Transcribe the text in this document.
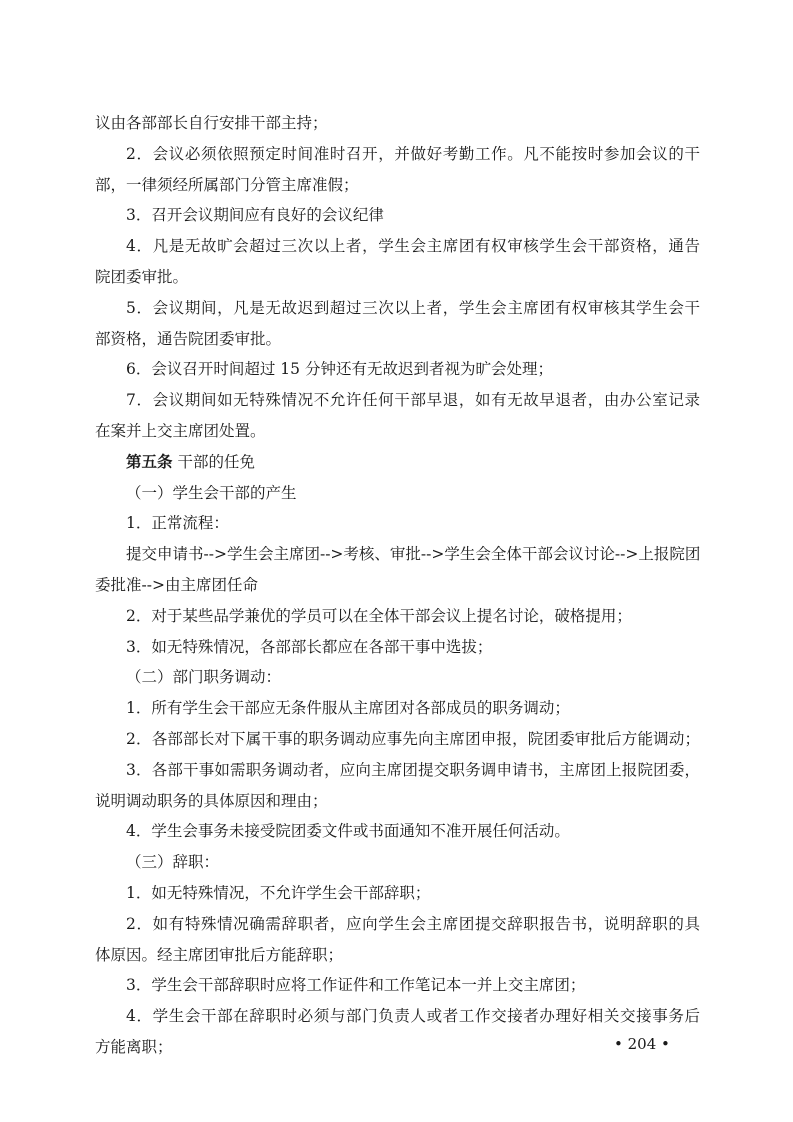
议由各部部长自行安排干部主持；
2．会议必须依照预定时间准时召开，并做好考勤工作。凡不能按时参加会议的干
部，一律须经所属部门分管主席准假；
3．召开会议期间应有良好的会议纪律
4．凡是无故旷会超过三次以上者，学生会主席团有权审核学生会干部资格，通告
院团委审批。
5．会议期间，凡是无故迟到超过三次以上者，学生会主席团有权审核其学生会干
部资格，通告院团委审批。
6．会议召开时间超过 15 分钟还有无故迟到者视为旷会处理；
7．会议期间如无特殊情况不允许任何干部早退，如有无故早退者，由办公室记录
在案并上交主席团处置。
第五条 干部的任免
（一）学生会干部的产生
1．正常流程：
提交申请书-->学生会主席团-->考核、审批-->学生会全体干部会议讨论-->上报院团
委批准-->由主席团任命
2．对于某些品学兼优的学员可以在全体干部会议上提名讨论，破格提用；
3．如无特殊情况，各部部长都应在各部干事中选拔；
（二）部门职务调动：
1．所有学生会干部应无条件服从主席团对各部成员的职务调动；
2．各部部长对下属干事的职务调动应事先向主席团申报，院团委审批后方能调动；
3．各部干事如需职务调动者，应向主席团提交职务调申请书，主席团上报院团委，
说明调动职务的具体原因和理由；
4．学生会事务未接受院团委文件或书面通知不准开展任何活动。
（三）辞职：
1．如无特殊情况，不允许学生会干部辞职；
2．如有特殊情况确需辞职者，应向学生会主席团提交辞职报告书，说明辞职的具
体原因。经主席团审批后方能辞职；
3．学生会干部辞职时应将工作证件和工作笔记本一并上交主席团；
4．学生会干部在辞职时必须与部门负责人或者工作交接者办理好相关交接事务后
方能离职；	• 204 •
